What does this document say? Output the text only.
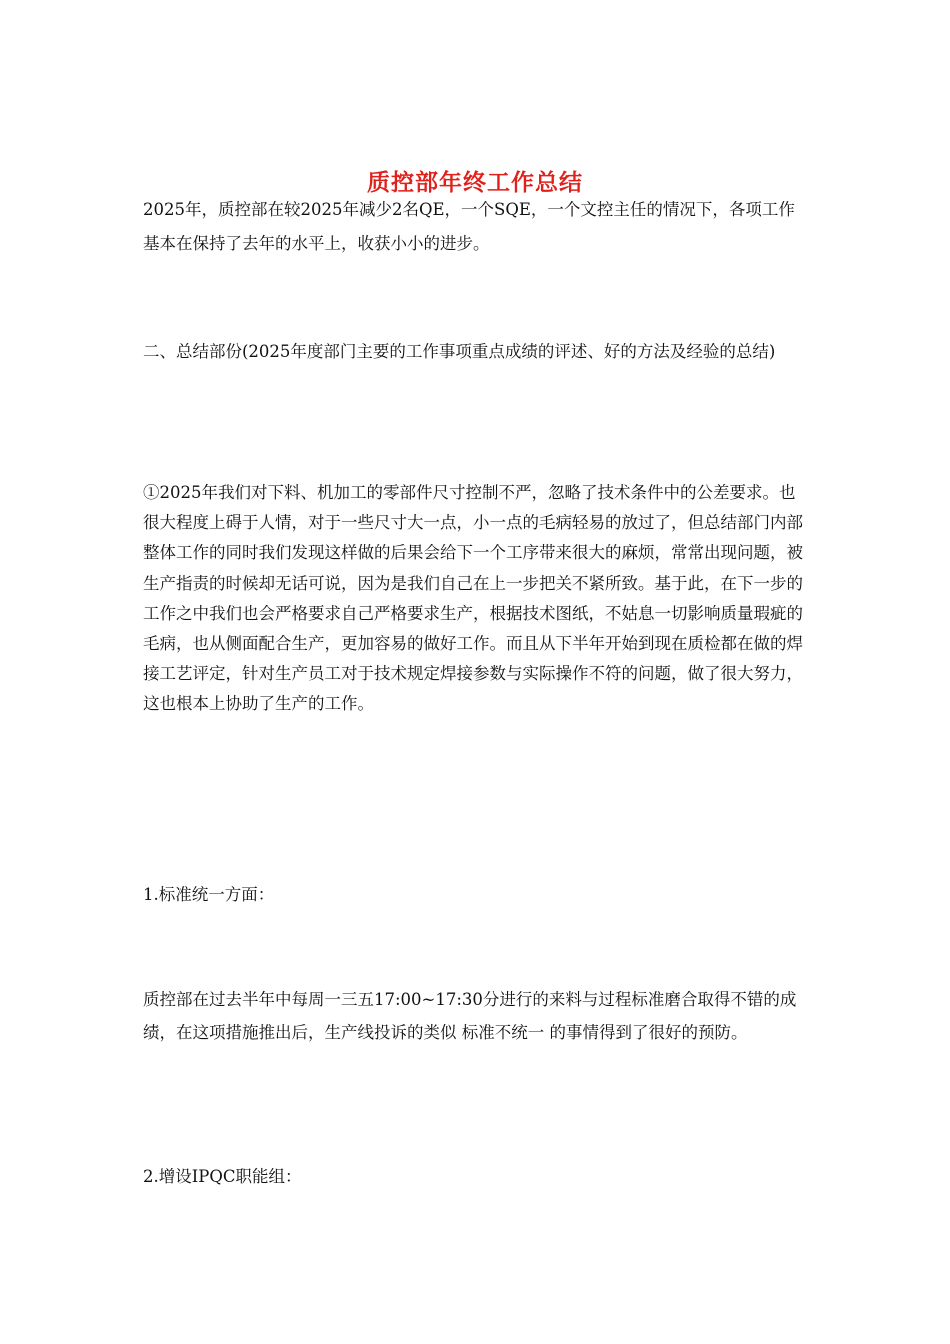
质控部年终工作总结

2025年，质控部在较2025年减少2名QE，一个SQE，一个文控主任的情况下，各项工作基本在保持了去年的水平上，收获小小的进步。

二、总结部份(2025年度部门主要的工作事项重点成绩的评述、好的方法及经验的总结)

①2025年我们对下料、机加工的零部件尺寸控制不严，忽略了技术条件中的公差要求。也很大程度上碍于人情，对于一些尺寸大一点，小一点的毛病轻易的放过了，但总结部门内部整体工作的同时我们发现这样做的后果会给下一个工序带来很大的麻烦，常常出现问题，被生产指责的时候却无话可说，因为是我们自己在上一步把关不紧所致。基于此，在下一步的工作之中我们也会严格要求自己严格要求生产，根据技术图纸，不姑息一切影响质量瑕疵的毛病，也从侧面配合生产，更加容易的做好工作。而且从下半年开始到现在质检都在做的焊接工艺评定，针对生产员工对于技术规定焊接参数与实际操作不符的问题，做了很大努力，这也根本上协助了生产的工作。

1.标准统一方面：

质控部在过去半年中每周一三五17:00~17:30分进行的来料与过程标准磨合取得不错的成绩，在这项措施推出后，生产线投诉的类似 标准不统一 的事情得到了很好的预防。

2.增设IPQC职能组：
